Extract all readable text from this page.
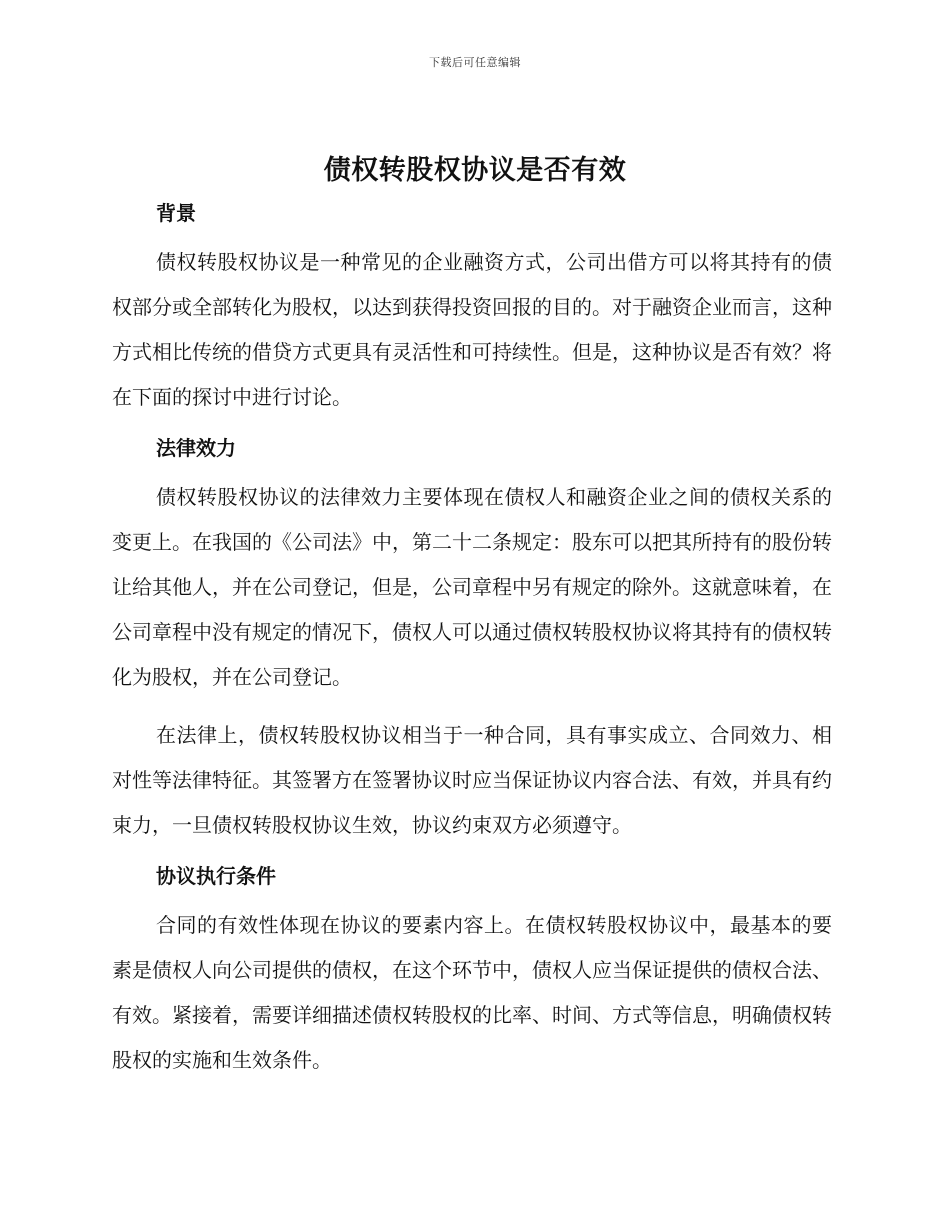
下载后可任意编辑
债权转股权协议是否有效
背景

债权转股权协议是一种常见的企业融资方式，公司出借方可以将其持有的债权部分或全部转化为股权，以达到获得投资回报的目的。对于融资企业而言，这种方式相比传统的借贷方式更具有灵活性和可持续性。但是，这种协议是否有效？将在下面的探讨中进行讨论。

法律效力

债权转股权协议的法律效力主要体现在债权人和融资企业之间的债权关系的变更上。在我国的《公司法》中，第二十二条规定：股东可以把其所持有的股份转让给其他人，并在公司登记，但是，公司章程中另有规定的除外。这就意味着，在公司章程中没有规定的情况下，债权人可以通过债权转股权协议将其持有的债权转化为股权，并在公司登记。

在法律上，债权转股权协议相当于一种合同，具有事实成立、合同效力、相对性等法律特征。其签署方在签署协议时应当保证协议内容合法、有效，并具有约束力，一旦债权转股权协议生效，协议约束双方必须遵守。

协议执行条件

合同的有效性体现在协议的要素内容上。在债权转股权协议中，最基本的要素是债权人向公司提供的债权，在这个环节中，债权人应当保证提供的债权合法、有效。紧接着，需要详细描述债权转股权的比率、时间、方式等信息，明确债权转股权的实施和生效条件。
